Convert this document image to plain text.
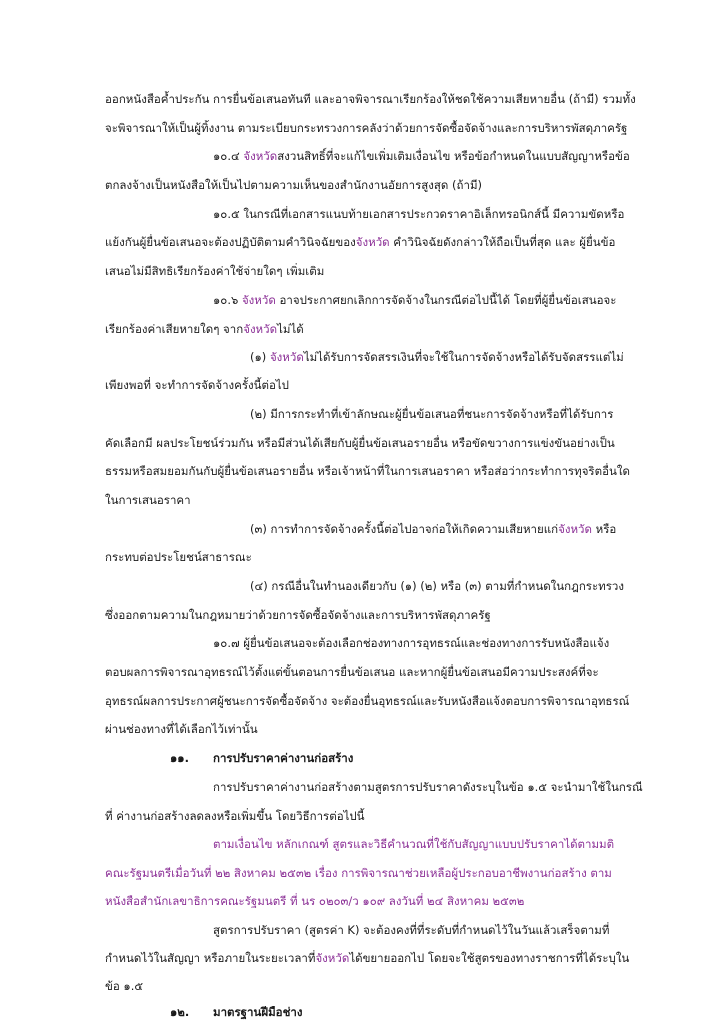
ออกหนังสือค้ำประกัน การยื่นข้อเสนอทันที และอาจพิจารณาเรียกร้องให้ชดใช้ความเสียหายอื่น (ถ้ามี) รวมทั้ง
จะพิจารณาให้เป็นผู้ทิ้งงาน ตามระเบียบกระทรวงการคลังว่าด้วยการจัดซื้อจัดจ้างและการบริหารพัสดุภาครัฐ
๑๐.๔ จังหวัดสงวนสิทธิ์ที่จะแก้ไขเพิ่มเติมเงื่อนไข หรือข้อกำหนดในแบบสัญญาหรือข้อ
ตกลงจ้างเป็นหนังสือให้เป็นไปตามความเห็นของสำนักงานอัยการสูงสุด (ถ้ามี)
๑๐.๕ ในกรณีที่เอกสารแนบท้ายเอกสารประกวดราคาอิเล็กทรอนิกส์นี้ มีความขัดหรือ
แย้งกันผู้ยื่นข้อเสนอจะต้องปฏิบัติตามคำวินิจฉัยของจังหวัด คำวินิจฉัยดังกล่าวให้ถือเป็นที่สุด และ ผู้ยื่นข้อ
เสนอไม่มีสิทธิเรียกร้องค่าใช้จ่ายใดๆ เพิ่มเติม
๑๐.๖ จังหวัด อาจประกาศยกเลิกการจัดจ้างในกรณีต่อไปนี้ได้ โดยที่ผู้ยื่นข้อเสนอจะ
เรียกร้องค่าเสียหายใดๆ จากจังหวัดไม่ได้
(๑) จังหวัดไม่ได้รับการจัดสรรเงินที่จะใช้ในการจัดจ้างหรือได้รับจัดสรรแต่ไม่
เพียงพอที่ จะทำการจัดจ้างครั้งนี้ต่อไป
(๒) มีการกระทำที่เข้าลักษณะผู้ยื่นข้อเสนอที่ชนะการจัดจ้างหรือที่ได้รับการ
คัดเลือกมี ผลประโยชน์ร่วมกัน หรือมีส่วนได้เสียกับผู้ยื่นข้อเสนอรายอื่น หรือขัดขวางการแข่งขันอย่างเป็น
ธรรมหรือสมยอมกันกับผู้ยื่นข้อเสนอรายอื่น หรือเจ้าหน้าที่ในการเสนอราคา หรือส่อว่ากระทำการทุจริตอื่นใด
ในการเสนอราคา
(๓) การทำการจัดจ้างครั้งนี้ต่อไปอาจก่อให้เกิดความเสียหายแก่จังหวัด หรือ
กระทบต่อประโยชน์สาธารณะ
(๔) กรณีอื่นในทำนองเดียวกับ (๑) (๒) หรือ (๓) ตามที่กำหนดในกฎกระทรวง
ซึ่งออกตามความในกฎหมายว่าด้วยการจัดซื้อจัดจ้างและการบริหารพัสดุภาครัฐ
๑๐.๗ ผู้ยื่นข้อเสนอจะต้องเลือกช่องทางการอุทธรณ์และช่องทางการรับหนังสือแจ้ง
ตอบผลการพิจารณาอุทธรณ์ไว้ตั้งแต่ขั้นตอนการยื่นข้อเสนอ และหากผู้ยื่นข้อเสนอมีความประสงค์ที่จะ
อุทธรณ์ผลการประกาศผู้ชนะการจัดซื้อจัดจ้าง จะต้องยื่นอุทธรณ์และรับหนังสือแจ้งตอบการพิจารณาอุทธรณ์
ผ่านช่องทางที่ได้เลือกไว้เท่านั้น
๑๑. การปรับราคาค่างานก่อสร้าง
การปรับราคาค่างานก่อสร้างตามสูตรการปรับราคาดังระบุในข้อ ๑.๕ จะนำมาใช้ในกรณี
ที่ ค่างานก่อสร้างลดลงหรือเพิ่มขึ้น โดยวิธีการต่อไปนี้
ตามเงื่อนไข หลักเกณฑ์ สูตรและวิธีคำนวณที่ใช้กับสัญญาแบบปรับราคาได้ตามมติ
คณะรัฐมนตรีเมื่อวันที่ ๒๒ สิงหาคม ๒๕๓๒ เรื่อง การพิจารณาช่วยเหลือผู้ประกอบอาชีพงานก่อสร้าง ตาม
หนังสือสำนักเลขาธิการคณะรัฐมนตรี ที่ นร ๐๒๐๓/ว ๑๐๙ ลงวันที่ ๒๔ สิงหาคม ๒๕๓๒
สูตรการปรับราคา (สูตรค่า K) จะต้องคงที่ที่ระดับที่กำหนดไว้ในวันแล้วเสร็จตามที่
กำหนดไว้ในสัญญา หรือภายในระยะเวลาที่จังหวัดได้ขยายออกไป โดยจะใช้สูตรของทางราชการที่ได้ระบุใน
ข้อ ๑.๕
๑๒. มาตรฐานฝีมือช่าง
